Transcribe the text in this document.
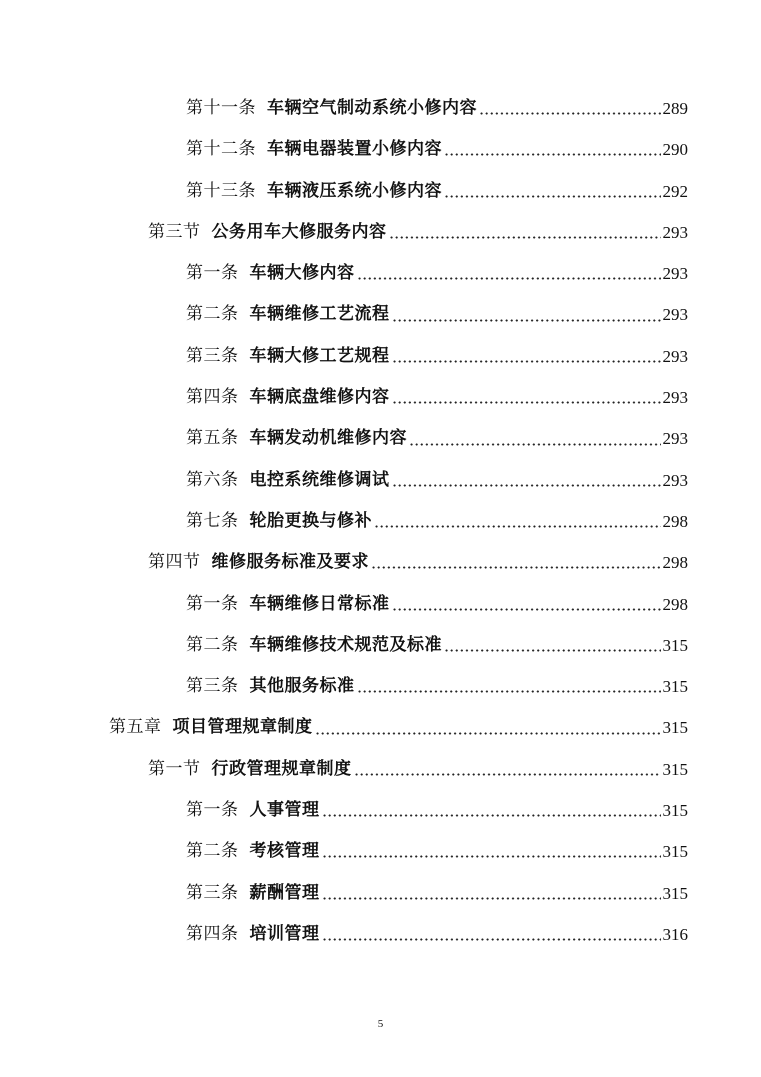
第十一条 车辆空气制动系统小修内容	289
第十二条 车辆电器装置小修内容	290
第十三条 车辆液压系统小修内容	292
第三节 公务用车大修服务内容	293
第一条 车辆大修内容	293
第二条 车辆维修工艺流程	293
第三条 车辆大修工艺规程	293
第四条 车辆底盘维修内容	293
第五条 车辆发动机维修内容	293
第六条 电控系统维修调试	293
第七条 轮胎更换与修补	298
第四节 维修服务标准及要求	298
第一条 车辆维修日常标准	298
第二条 车辆维修技术规范及标准	315
第三条 其他服务标准	315
第五章 项目管理规章制度	315
第一节 行政管理规章制度	315
第一条 人事管理	315
第二条 考核管理	315
第三条 薪酬管理	315
第四条 培训管理	316
5
